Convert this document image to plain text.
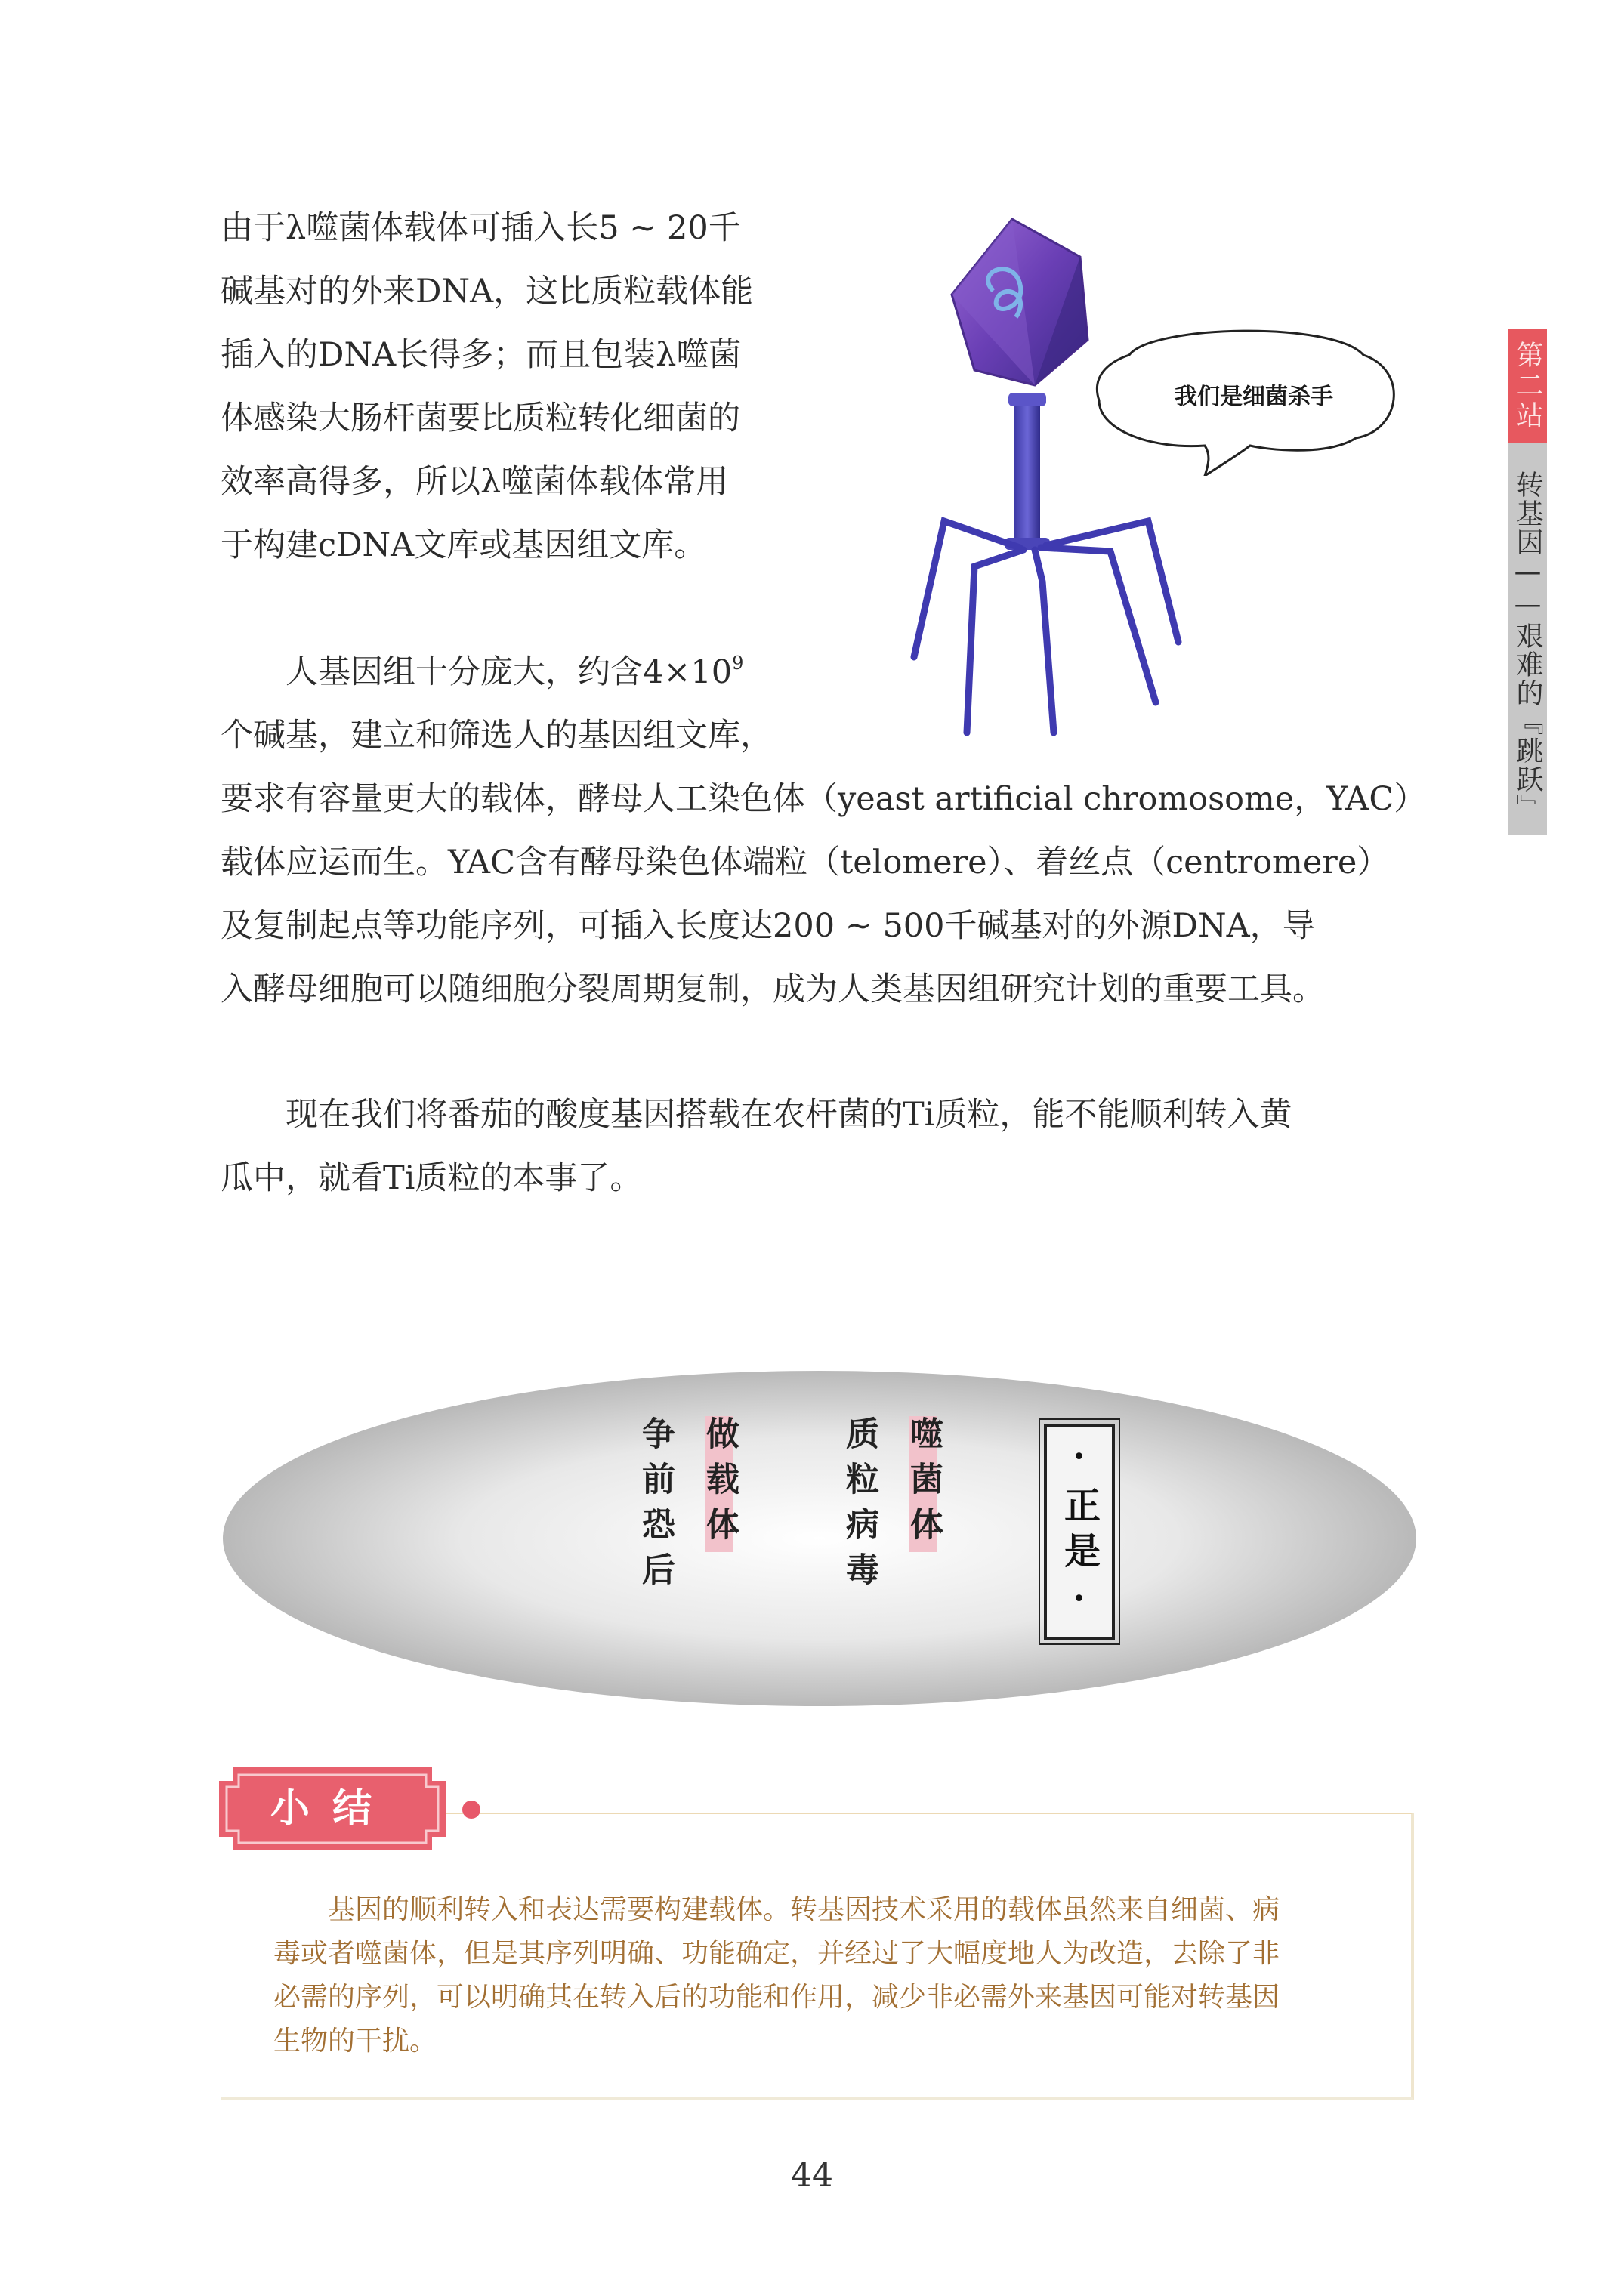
由于λ噬菌体载体可插入长5 ~ 20千
碱基对的外来DNA，这比质粒载体能
插入的DNA长得多；而且包装λ噬菌
体感染大肠杆菌要比质粒转化细菌的
效率高得多，所以λ噬菌体载体常用
于构建cDNA文库或基因组文库。
人基因组十分庞大，约含$4\times 10^9$
个碱基，建立和筛选人的基因组文库，
要求有容量更大的载体，酵母人工染色体（yeast artificial chromosome，YAC）
载体应运而生。YAC含有酵母染色体端粒（telomere）、着丝点（centromere）
及复制起点等功能序列，可插入长度达200 ~ 500千碱基对的外源DNA，导
入酵母细胞可以随细胞分裂周期复制，成为人类基因组研究计划的重要工具。
现在我们将番茄的酸度基因搭载在农杆菌的Ti质粒，能不能顺利转入黄
瓜中，就看Ti质粒的本事了。
第二站
转基因——艰难的『跳跃』
我们是细菌杀手
争前恐后 做载体	质粒病毒 噬菌体	·正是·
小结
基因的顺利转入和表达需要构建载体。转基因技术采用的载体虽然来自细菌、病
毒或者噬菌体，但是其序列明确、功能确定，并经过了大幅度地人为改造，去除了非
必需的序列，可以明确其在转入后的功能和作用，减少非必需外来基因可能对转基因
生物的干扰。
44
